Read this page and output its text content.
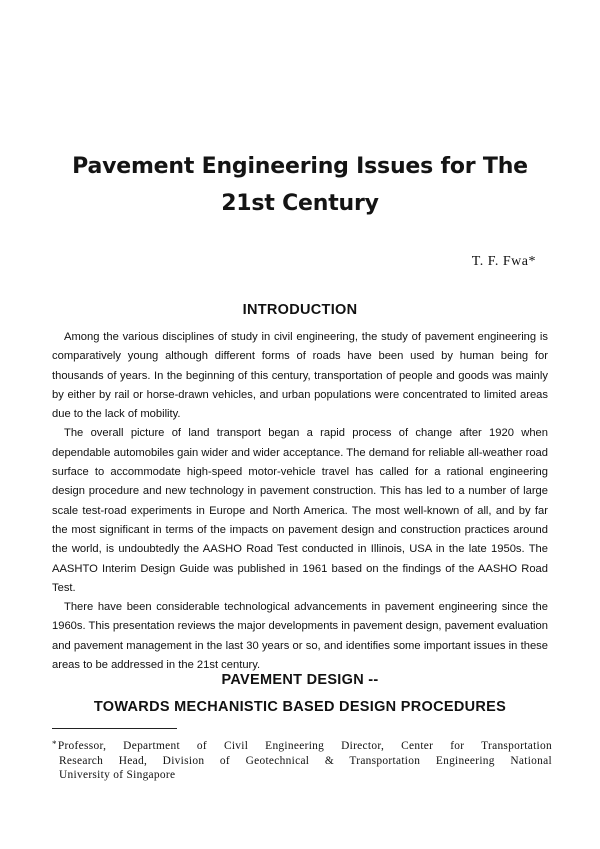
Pavement Engineering Issues for The
21st Century
T. F. Fwa*
INTRODUCTION

Among the various disciplines of study in civil engineering, the study of pavement engineering is comparatively young although different forms of roads have been used by human being for thousands of years. In the beginning of this century, transportation of people and goods was mainly by either by rail or horse-drawn vehicles, and urban populations were concentrated to limited areas due to the lack of mobility.

The overall picture of land transport began a rapid process of change after 1920 when dependable automobiles gain wider and wider acceptance. The demand for reliable all-weather road surface to accommodate high-speed motor-vehicle travel has called for a rational engineering design procedure and new technology in pavement construction. This has led to a number of large scale test-road experiments in Europe and North America. The most well-known of all, and by far the most significant in terms of the impacts on pavement design and construction practices around the world, is undoubtedly the AASHO Road Test conducted in Illinois, USA in the late 1950s. The AASHTO Interim Design Guide was published in 1961 based on the findings of the AASHO Road Test.

There have been considerable technological advancements in pavement engineering since the 1960s. This presentation reviews the major developments in pavement design, pavement evaluation and pavement management in the last 30 years or so, and identifies some important issues in these areas to be addressed in the 21st century.

PAVEMENT DESIGN --
TOWARDS MECHANISTIC BASED DESIGN PROCEDURES
*Professor, Department of Civil Engineering Director, Center for Transportation
Research Head, Division of Geotechnical & Transportation Engineering National
University of Singapore
